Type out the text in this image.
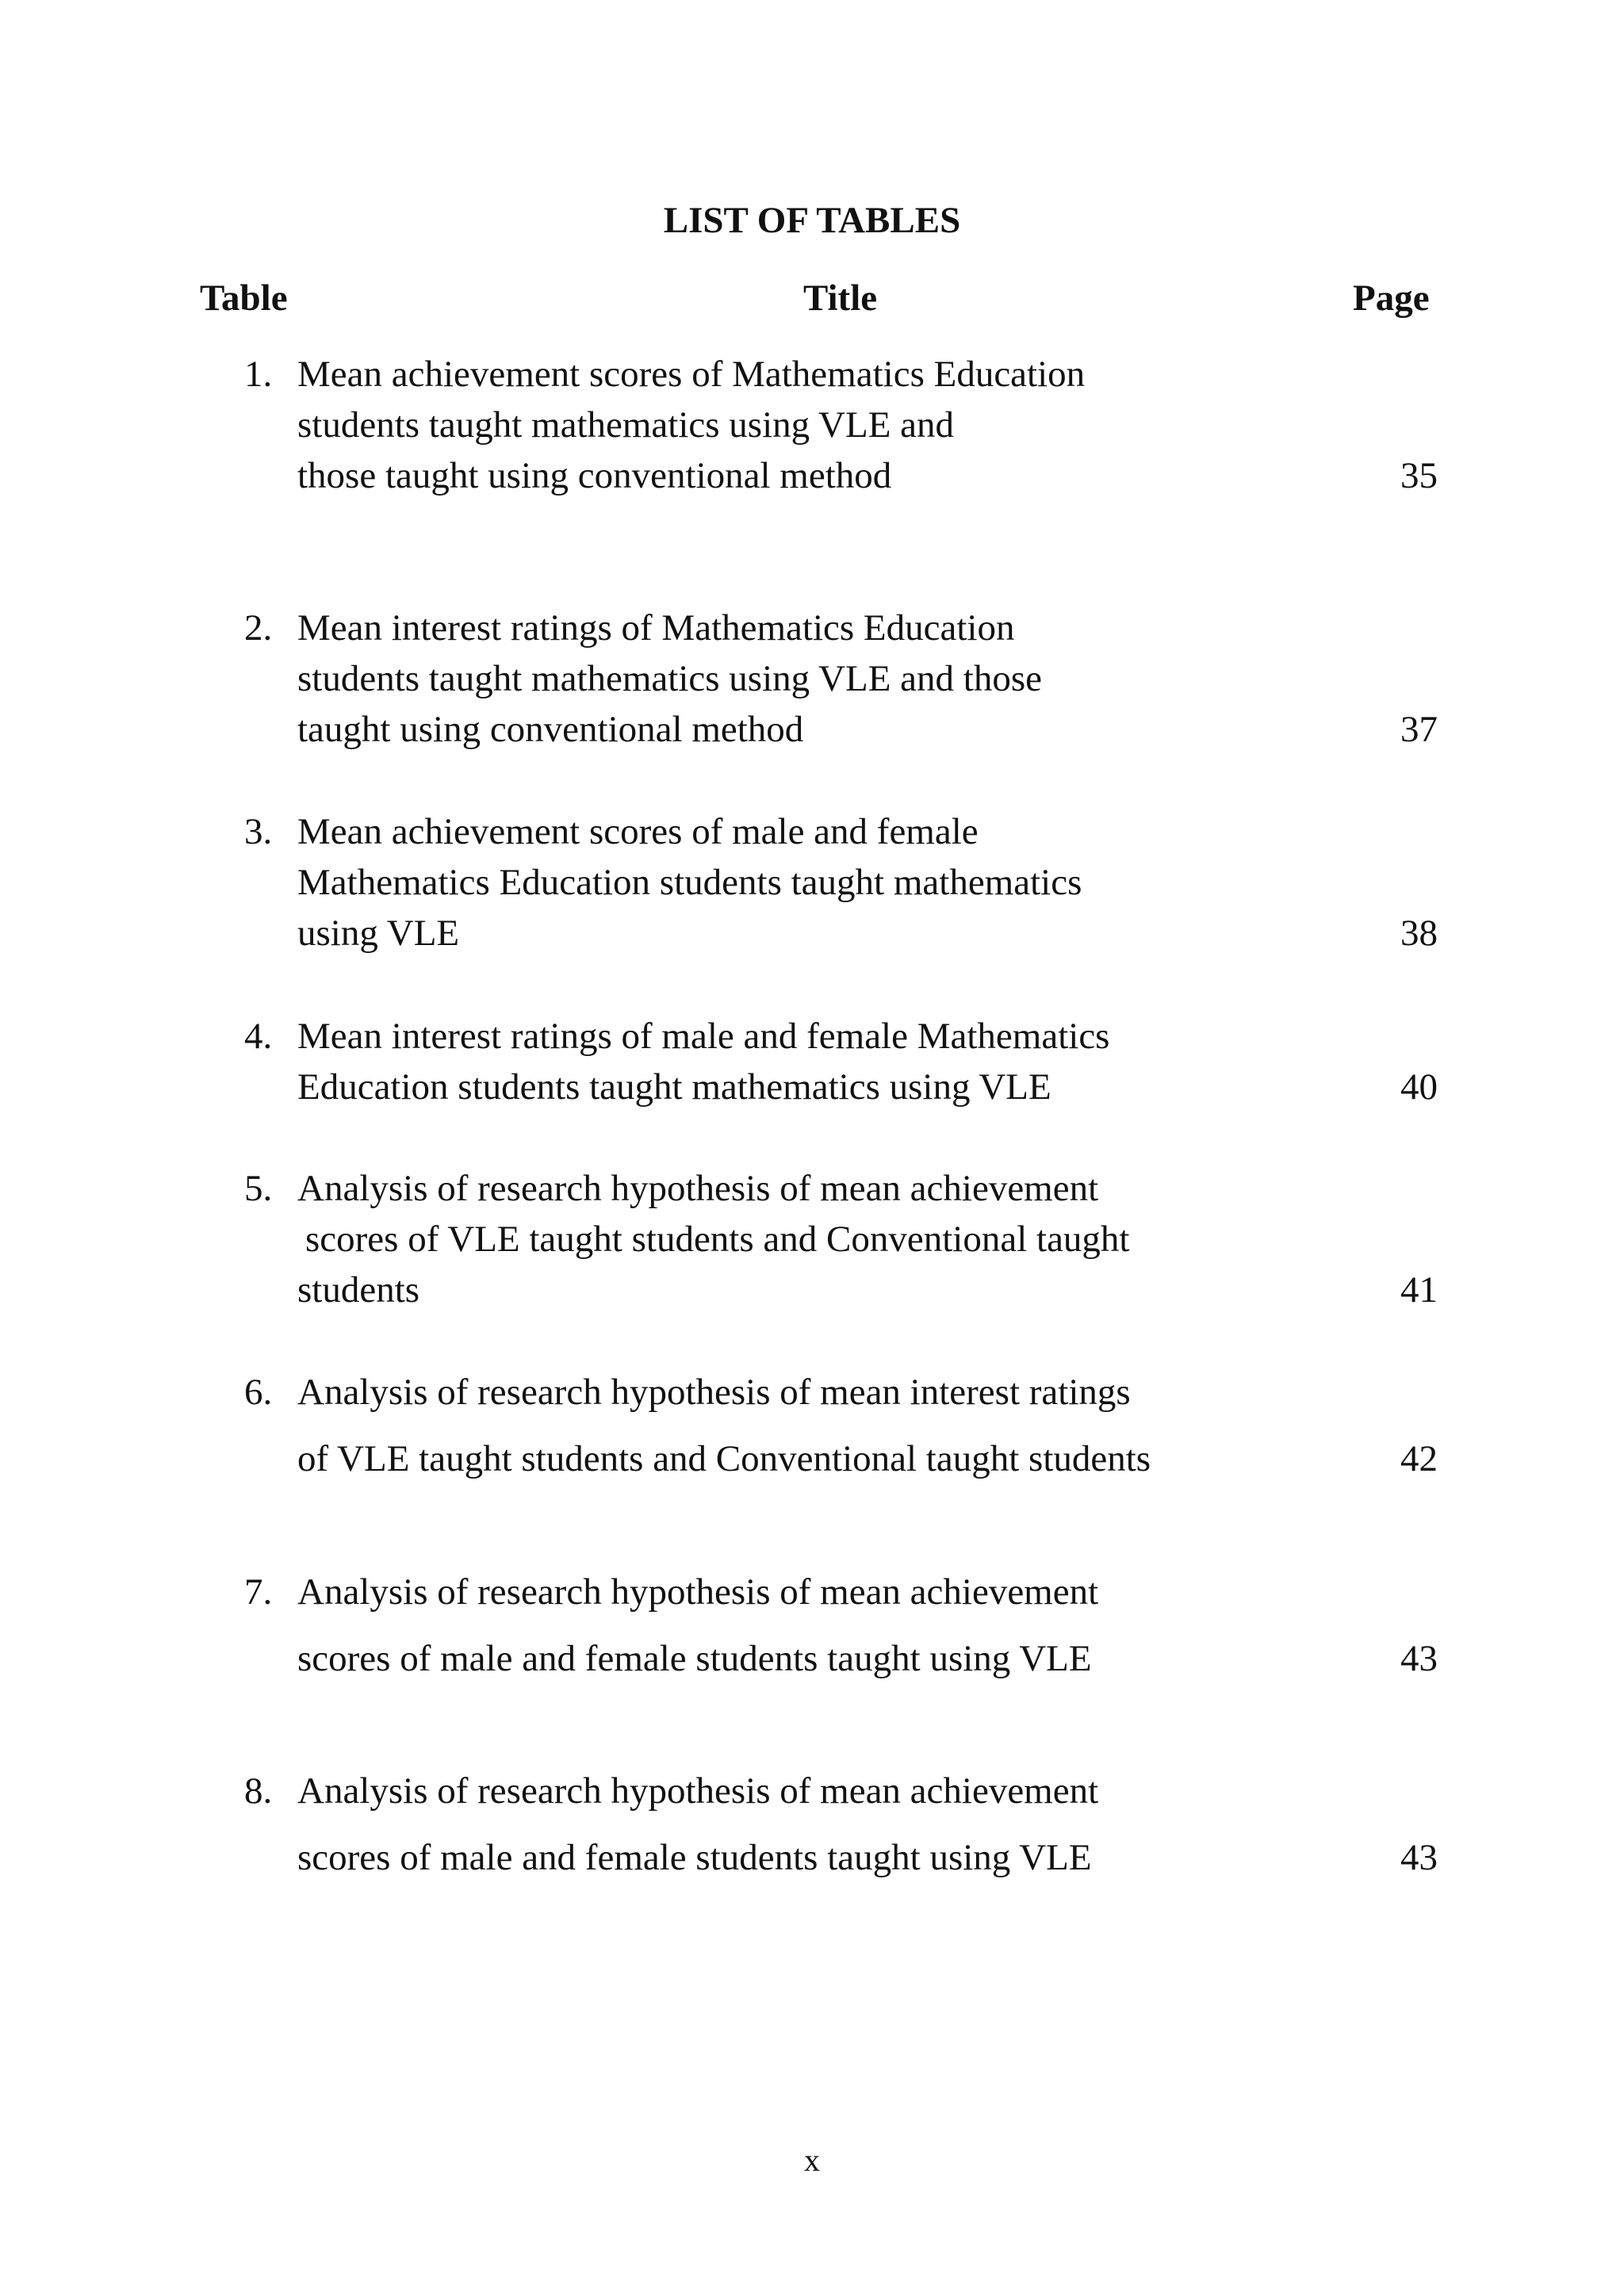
LIST OF TABLES
Table	Title	Page
1. Mean achievement scores of Mathematics Education
students taught mathematics using VLE and
those taught using conventional method	35
2. Mean interest ratings of Mathematics Education
students taught mathematics using VLE and those
taught using conventional method	37
3. Mean achievement scores of male and female
Mathematics Education students taught mathematics
using VLE	38
4. Mean interest ratings of male and female Mathematics
Education students taught mathematics using VLE	40
5. Analysis of research hypothesis of mean achievement
scores of VLE taught students and Conventional taught
students	41
6. Analysis of research hypothesis of mean interest ratings
of VLE taught students and Conventional taught students	42
7. Analysis of research hypothesis of mean achievement
scores of male and female students taught using VLE	43
8. Analysis of research hypothesis of mean achievement
scores of male and female students taught using VLE	43
x
